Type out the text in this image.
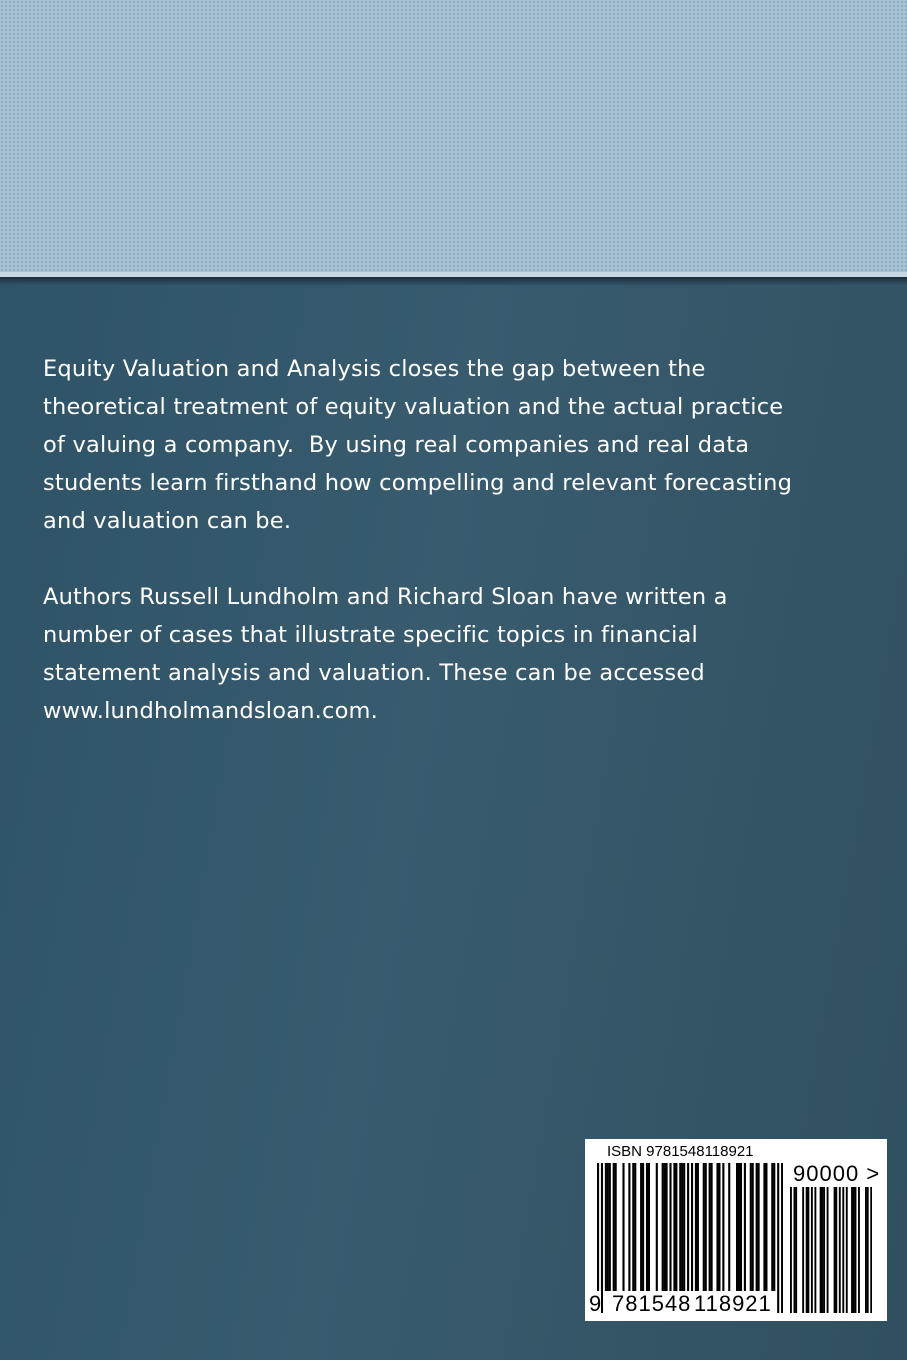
Equity Valuation and Analysis closes the gap between the
theoretical treatment of equity valuation and the actual practice
of valuing a company.  By using real companies and real data
students learn firsthand how compelling and relevant forecasting
and valuation can be.

Authors Russell Lundholm and Richard Sloan have written a
number of cases that illustrate specific topics in financial
statement analysis and valuation. These can be accessed
www.lundholmandsloan.com.

ISBN 9781548118921
90000 >
9 781548 118921
